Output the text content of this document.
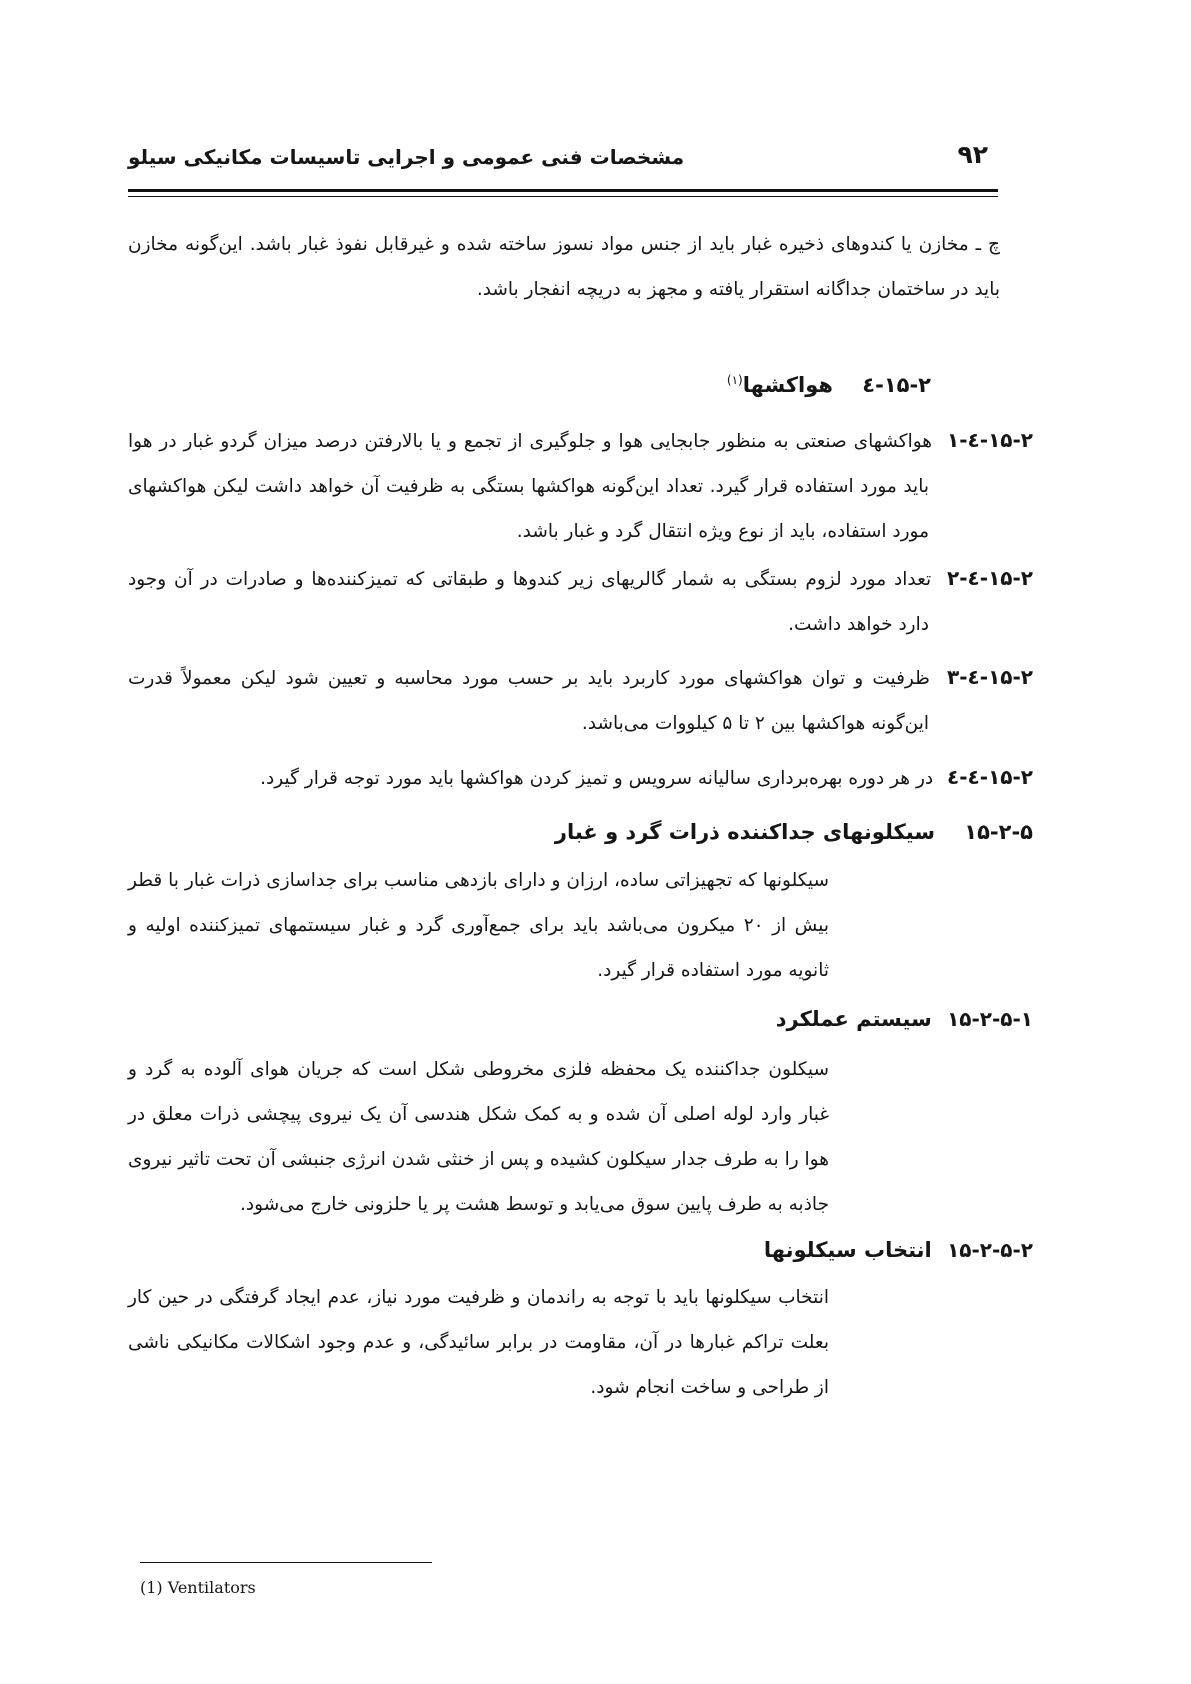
۹۲
مشخصات فنی عمومی و اجرایی تاسیسات مکانیکی سیلو
چ ـ مخازن یا کندوهای ذخیره غبار باید از جنس مواد نسوز ساخته شده و غیرقابل نفوذ غبار باشد. این‌گونه مخازن باید در ساختمان جداگانه استقرار یافته و مجهز به دریچه انفجار باشد.
۱۵-۲-٤ هواکشها$^{(۱)}$
۱۵-۲-٤-۱ هواکشهای صنعتی به منظور جابجایی هوا و جلوگیری از تجمع و یا بالارفتن درصد میزان گردو غبار در هوا باید مورد استفاده قرار گیرد. تعداد این‌گونه هواکشها بستگی به ظرفیت آن خواهد داشت لیکن هواکشهای مورد استفاده، باید از نوع ویژه انتقال گرد و غبار باشد.
۱۵-۲-٤-۲ تعداد مورد لزوم بستگی به شمار گالریهای زیر کندوها و طبقاتی که تمیزکننده‌ها و صادرات در آن وجود دارد خواهد داشت.
۱۵-۲-٤-۳ ظرفیت و توان هواکشهای مورد کاربرد باید بر حسب مورد محاسبه و تعیین شود لیکن معمولاً قدرت این‌گونه هواکشها بین ۲ تا ۵ کیلووات می‌باشد.
۱۵-۲-٤-٤ در هر دوره بهره‌برداری سالیانه سرویس و تمیز کردن هواکشها باید مورد توجه قرار گیرد.
۱۵-۲-۵ سیکلونهای جداکننده ذرات گرد و غبار
سیکلونها که تجهیزاتی ساده، ارزان و دارای بازدهی مناسب برای جداسازی ذرات غبار با قطر بیش از ۲۰ میکرون می‌باشد باید برای جمع‌آوری گرد و غبار سیستمهای تمیزکننده اولیه و ثانویه مورد استفاده قرار گیرد.
۱۵-۲-۵-۱ سیستم عملکرد
سیکلون جداکننده یک محفظه فلزی مخروطی شکل است که جریان هوای آلوده به گرد و غبار وارد لوله اصلی آن شده و به کمک شکل هندسی آن یک نیروی پیچشی ذرات معلق در هوا را به طرف جدار سیکلون کشیده و پس از خنثی شدن انرژی جنبشی آن تحت تاثیر نیروی جاذبه به طرف پایین سوق می‌یابد و توسط هشت پر یا حلزونی خارج می‌شود.
۱۵-۲-۵-۲ انتخاب سیکلونها
انتخاب سیکلونها باید با توجه به راندمان و ظرفیت مورد نیاز، عدم ایجاد گرفتگی در حین کار بعلت تراکم غبارها در آن، مقاومت در برابر سائیدگی، و عدم وجود اشکالات مکانیکی ناشی از طراحی و ساخت انجام شود.
(1) Ventilators
